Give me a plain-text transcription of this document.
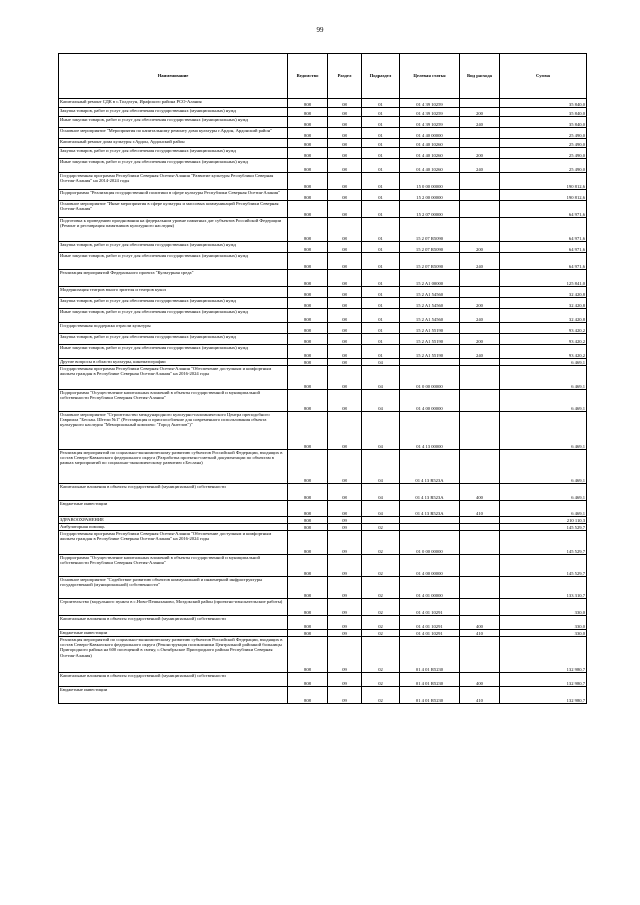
99
Наименование	Ведомство	Раздел	Подраздел	Целевая статья	Вид расхода	Сумма
Капитальный ремонт СДК в с.Толдзгун, Ирафского района РСО-Алания	808	08	01	01 4 39 10259		35 840,0
Закупка товаров, работ и услуг для обеспечения государственных (муниципальных) нужд	808	08	01	01 4 39 10259	200	35 840,0
Иные закупки товаров, работ и услуг для обеспечения государственных (муниципальных) нужд	808	08	01	01 4 39 10259	240	35 840,0
Основное мероприятие "Мероприятия по капитальному ремонту дома культуры г.Ардон, Ардонский район"	808	08	01	01 4 40 00000		25 490,0
Капитальный ремонт дома культуры г.Ардон, Ардонский район	808	08	01	01 4 40 10260		25 490,0
Закупка товаров, работ и услуг для обеспечения государственных (муниципальных) нужд	808	08	01	01 4 40 10260	200	25 490,0
Иные закупки товаров, работ и услуг для обеспечения государственных (муниципальных) нужд	808	08	01	01 4 40 10260	240	25 490,0
Государственная программа Республики Северная Осетия-Алания "Развитие культуры Республики Северная Осетия-Алания" на 2014-2024 годы	808	08	01	15 0 00 00000		190 812,6
Подпрограмма "Реализация государственной политики в сфере культуры Республики Северная Осетия-Алания"	808	08	01	15 2 00 00000		190 812,6
Основное мероприятие "Иные мероприятия в сфере культуры и массовых коммуникаций Республики Северная Осетия-Алания"	808	08	01	15 2 07 00000		64 971,6
Подготовка к проведению празднования на федеральном уровне памятных дат субъектов Российской Федерации (Ремонт и реставрация памятников культурного наследия)	808	08	01	15 2 07 R5090		64 971,6
Закупка товаров, работ и услуг для обеспечения государственных (муниципальных) нужд	808	08	01	15 2 07 R5090	200	64 971,6
Иные закупки товаров, работ и услуг для обеспечения государственных (муниципальных) нужд	808	08	01	15 2 07 R5090	240	64 971,6
Реализация мероприятий Федерального проекта "Культурная среда"	808	08	01	15 2 A1 00000		125 841,0
Модернизация театров юного зрителя и театров кукол	808	08	01	15 2 A1 54560		32 420,8
Закупка товаров, работ и услуг для обеспечения государственных (муниципальных) нужд	808	08	01	15 2 A1 54560	200	32 420,8
Иные закупки товаров, работ и услуг для обеспечения государственных (муниципальных) нужд	808	08	01	15 2 A1 54560	240	32 420,8
Государственная поддержка отрасли культуры	808	08	01	15 2 A1 55190		93 420,2
Закупка товаров, работ и услуг для обеспечения государственных (муниципальных) нужд	808	08	01	15 2 A1 55190	200	93 420,2
Иные закупки товаров, работ и услуг для обеспечения государственных (муниципальных) нужд	808	08	01	15 2 A1 55190	240	93 420,2
Другие вопросы в области культуры, кинематографии	808	08	04			6 469,1
Государственная программа Республики Северная Осетия-Алания "Обеспечение доступным и комфортным жильем граждан в Республике Северная Осетия-Алания" на 2016-2024 годы	808	08	04	01 0 00 00000		6 469,1
Подпрограмма "Осуществление капитальных вложений в объекты государственной и муниципальной собственности Республики Северная Осетия-Алания"	808	08	04	01 4 00 00000		6 469,1
Основное мероприятие "Строительство международного культурно-паломнического Центра преподобного Гавриила "Бесхан. Штели №1" (Реставрация и приспособление для современного использования объекта культурного наследия "Мемориальный комплекс "Город Ангелов")"	808	08	04	01 4 13 00000		6 469,1
Реализация мероприятий по социально-экономическому развитию субъектов Российской Федерации, входящих в состав Северо-Кавказского федерального округа (Разработка проектно-сметной документации по объектам в рамках мероприятий по социально-экономическому развитию г.Беслана)	808	08	04	01 4 13 R523A		6 469,1
Капитальные вложения в объекты государственной (муниципальной) собственности	808	08	04	01 4 13 R523A	400	6 469,1
Бюджетные инвестиции	808	08	04	01 4 13 R523A	410	6 469,1
ЗДРАВООХРАНЕНИЕ	808	09				210 110,3
Амбулаторная помощь	808	09	02			145 529,7
Государственная программа Республики Северная Осетия-Алания "Обеспечение доступным и комфортным жильем граждан в Республике Северная Осетия-Алания" на 2016-2024 годы	808	09	02	01 0 00 00000		145 529,7
Подпрограмма "Осуществление капитальных вложений в объекты государственной и муниципальной собственности Республики Северная Осетия-Алания"	808	09	02	01 4 00 00000		145 529,7
Основное мероприятие "Содействие развитию объектов коммунальной и инженерной инфраструктуры государственной (муниципальной) собственности"	808	09	02	01 4 01 00000		133 310,7
Строительство (модульного пункта в с.Ново-Пешыханово, Моздокский район (проектно-изыскательские работы)	808	09	02	01 4 01 10291		330,0
Капитальные вложения в объекты государственной (муниципальной) собственности	808	09	02	01 4 01 10291	400	330,0
Бюджетные инвестиции	808	09	02	01 4 01 10291	410	330,0
Реализация мероприятий по социально-экономическому развитию субъектов Российской Федерации, входящих в состав Северо-Кавказского федерального округа (Реконструкция поликлиники Центральной районной больницы Пригородного района на 600 посещений в смену, с.Октябрьское Пригородного района Республики Северная Осетия-Алания)	808	09	02	01 4 01 R5230		132 980,7
Капитальные вложения в объекты государственной (муниципальной) собственности	808	09	02	01 4 01 R5230	400	132 980,7
Бюджетные инвестиции	808	09	02	01 4 01 R5230	410	132 980,7
